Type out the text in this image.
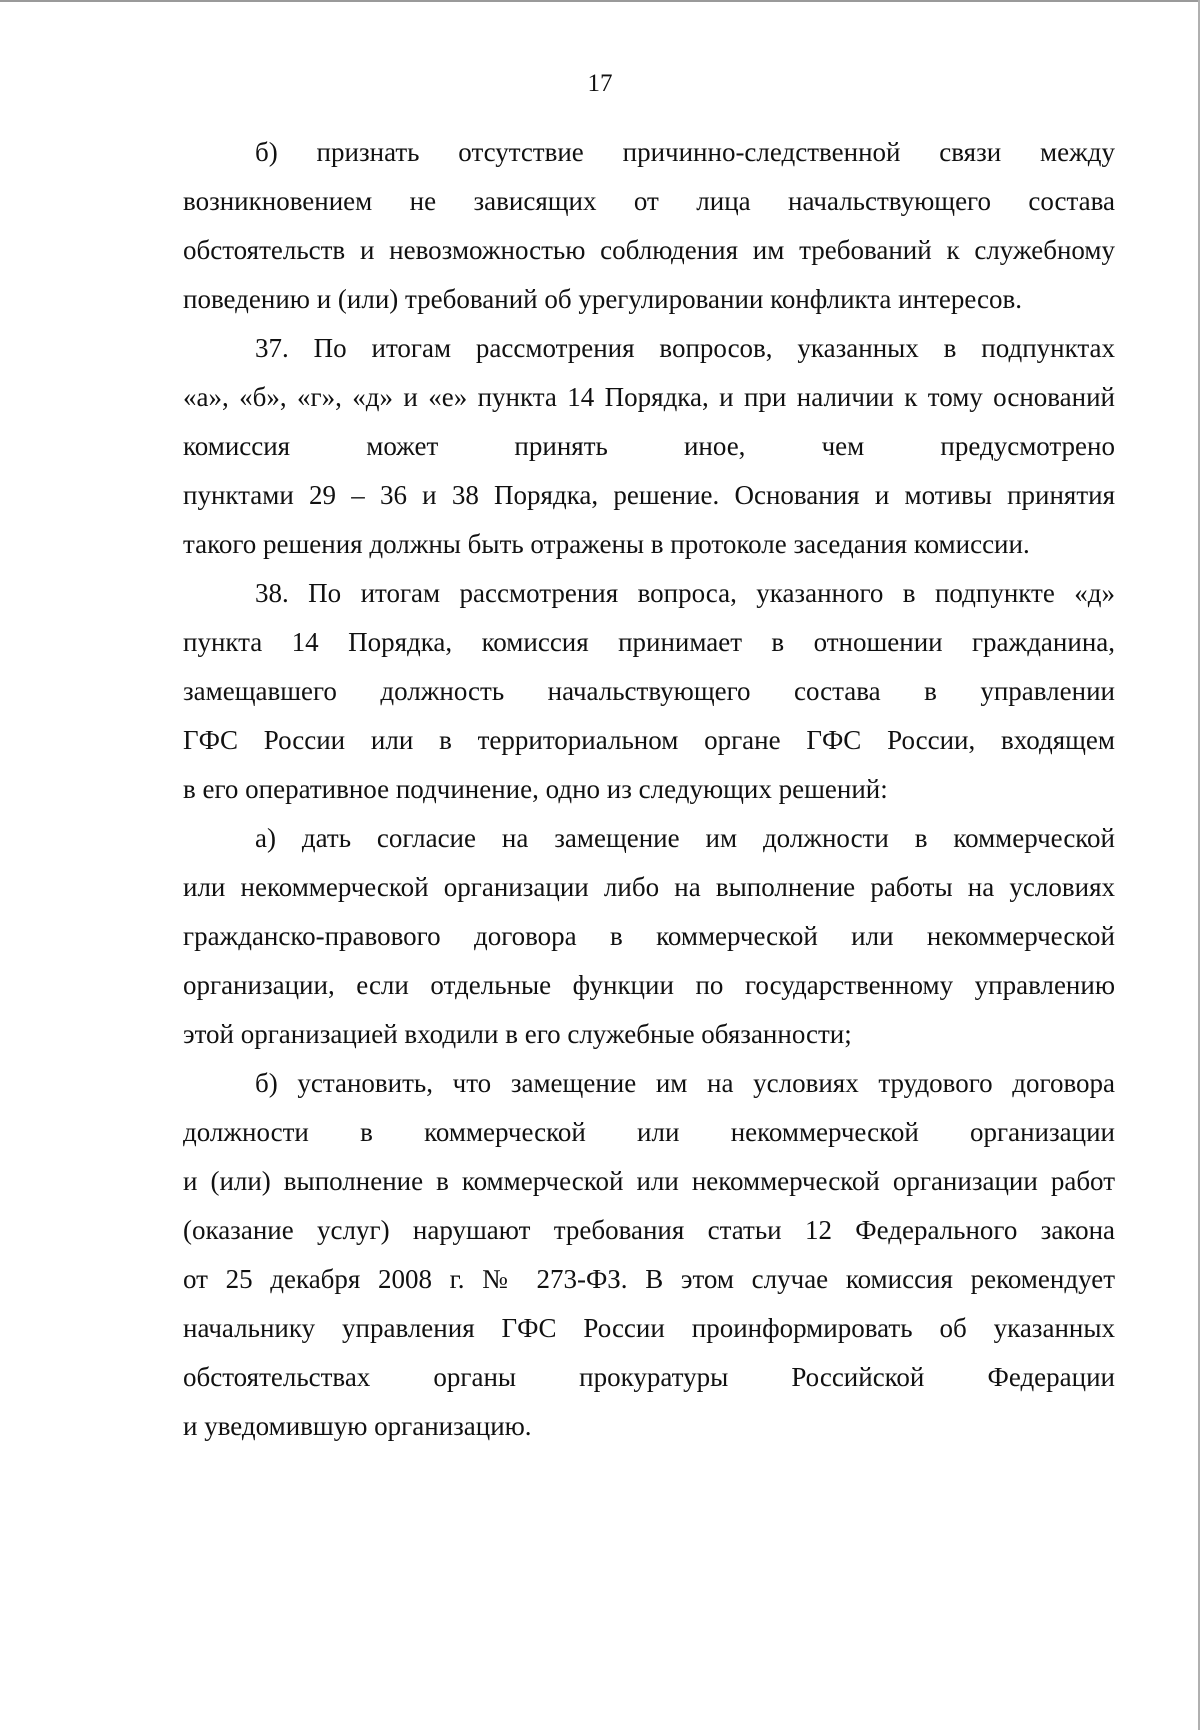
17
б) признать отсутствие причинно-следственной связи между
возникновением не зависящих от лица начальствующего состава
обстоятельств и невозможностью соблюдения им требований к служебному
поведению и (или) требований об урегулировании конфликта интересов.
37. По итогам рассмотрения вопросов, указанных в подпунктах
«а», «б», «г», «д» и «е» пункта 14 Порядка, и при наличии к тому оснований
комиссия может принять иное, чем предусмотрено
пунктами 29 – 36 и 38 Порядка, решение. Основания и мотивы принятия
такого решения должны быть отражены в протоколе заседания комиссии.
38. По итогам рассмотрения вопроса, указанного в подпункте «д»
пункта 14 Порядка, комиссия принимает в отношении гражданина,
замещавшего должность начальствующего состава в управлении
ГФС России или в территориальном органе ГФС России, входящем
в его оперативное подчинение, одно из следующих решений:
а) дать согласие на замещение им должности в коммерческой
или некоммерческой организации либо на выполнение работы на условиях
гражданско-правового договора в коммерческой или некоммерческой
организации, если отдельные функции по государственному управлению
этой организацией входили в его служебные обязанности;
б) установить, что замещение им на условиях трудового договора
должности в коммерческой или некоммерческой организации
и (или) выполнение в коммерческой или некоммерческой организации работ
(оказание услуг) нарушают требования статьи 12 Федерального закона
от 25 декабря 2008 г. № 273-ФЗ. В этом случае комиссия рекомендует
начальнику управления ГФС России проинформировать об указанных
обстоятельствах органы прокуратуры Российской Федерации
и уведомившую организацию.
